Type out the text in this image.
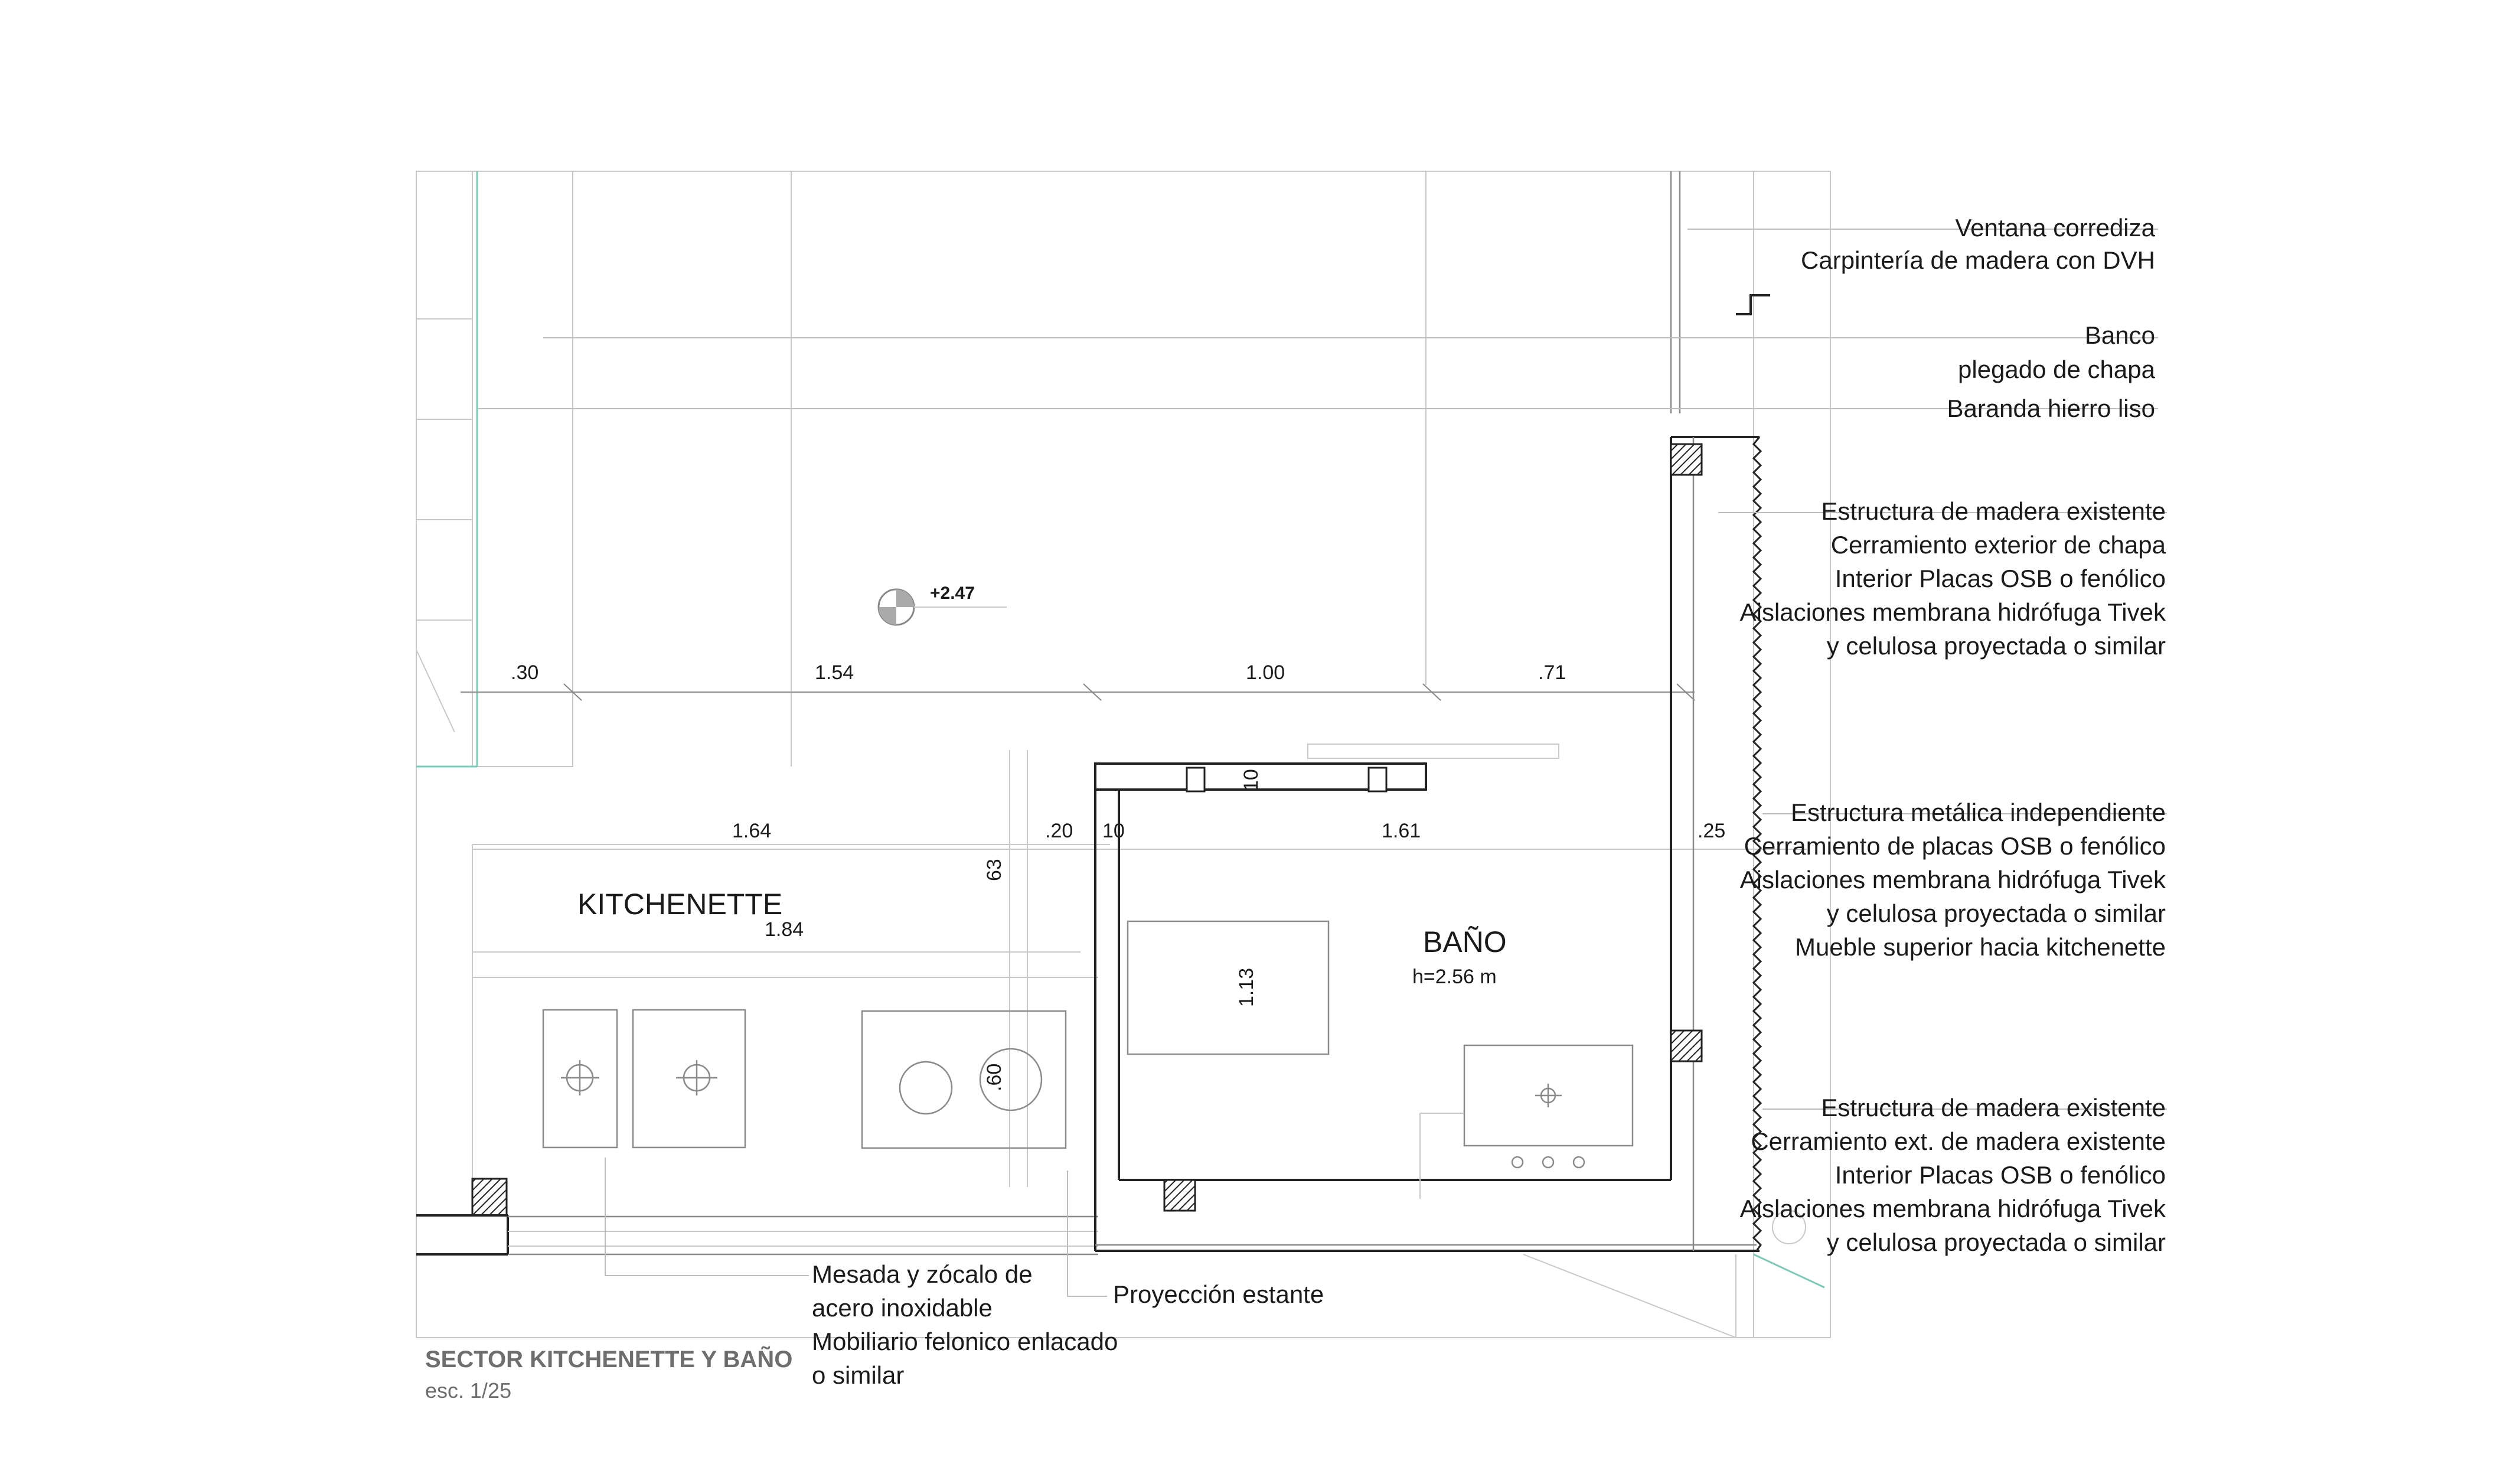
+2.47
.30	1.54	1.00	.71
1.64	.20 10	1.61	.25
10
KITCHENETTE
1.84
63
.60
1.13
BAÑO
h=2.56 m
Ventana corrediza
Carpintería de madera con DVH
Banco
plegado de chapa
Baranda hierro liso
Estructura de madera existente
Cerramiento exterior de chapa
Interior Placas OSB o fenólico
Aislaciones membrana hidrófuga Tivek
y celulosa proyectada o similar
Estructura metálica independiente
Cerramiento de placas OSB o fenólico
Aislaciones membrana hidrófuga Tivek
y celulosa proyectada o similar
Mueble superior hacia kitchenette
Estructura de madera existente
Cerramiento ext. de madera existente
Interior Placas OSB o fenólico
Aislaciones membrana hidrófuga Tivek
y celulosa proyectada o similar
Mesada y zócalo de
acero inoxidable
Mobiliario felonico enlacado
o similar
Proyección estante
SECTOR KITCHENETTE Y BAÑO
esc. 1/25
